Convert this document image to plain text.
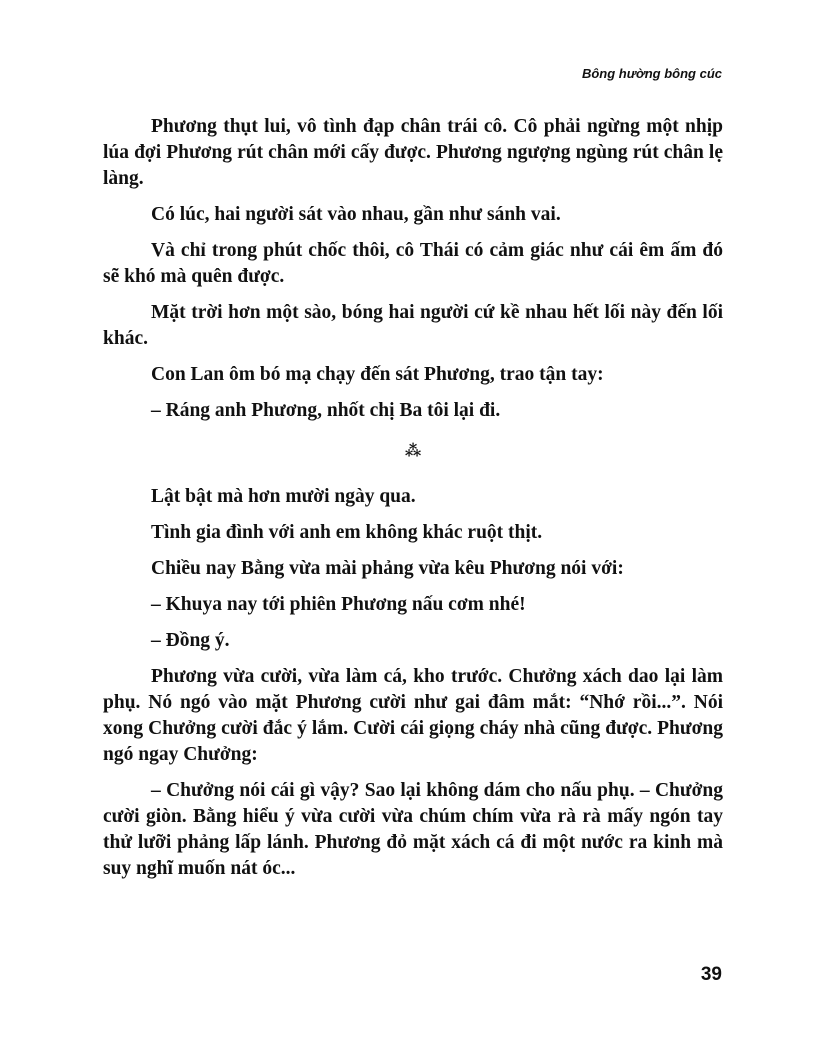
Bông hường bông cúc

Phương thụt lui, vô tình đạp chân trái cô. Cô phải ngừng một nhịp lúa đợi Phương rút chân mới cấy được. Phương ngượng ngùng rút chân lẹ làng.

Có lúc, hai người sát vào nhau, gần như sánh vai.

Và chỉ trong phút chốc thôi, cô Thái có cảm giác như cái êm ấm đó sẽ khó mà quên được.

Mặt trời hơn một sào, bóng hai người cứ kề nhau hết lối này đến lối khác.

Con Lan ôm bó mạ chạy đến sát Phương, trao tận tay:

– Ráng anh Phương, nhốt chị Ba tôi lại đi.

⁂

Lật bật mà hơn mười ngày qua.

Tình gia đình với anh em không khác ruột thịt.

Chiều nay Bằng vừa mài phảng vừa kêu Phương nói với:

– Khuya nay tới phiên Phương nấu cơm nhé!

– Đồng ý.

Phương vừa cười, vừa làm cá, kho trước. Chưởng xách dao lại làm phụ. Nó ngó vào mặt Phương cười như gai đâm mắt: “Nhớ rồi...”. Nói xong Chưởng cười đắc ý lắm. Cười cái giọng cháy nhà cũng được. Phương ngó ngay Chưởng:

– Chưởng nói cái gì vậy? Sao lại không dám cho nấu phụ. – Chưởng cười giòn. Bằng hiểu ý vừa cười vừa chúm chím vừa rà rà mấy ngón tay thử lưỡi phảng lấp lánh. Phương đỏ mặt xách cá đi một nước ra kinh mà suy nghĩ muốn nát óc...

39
